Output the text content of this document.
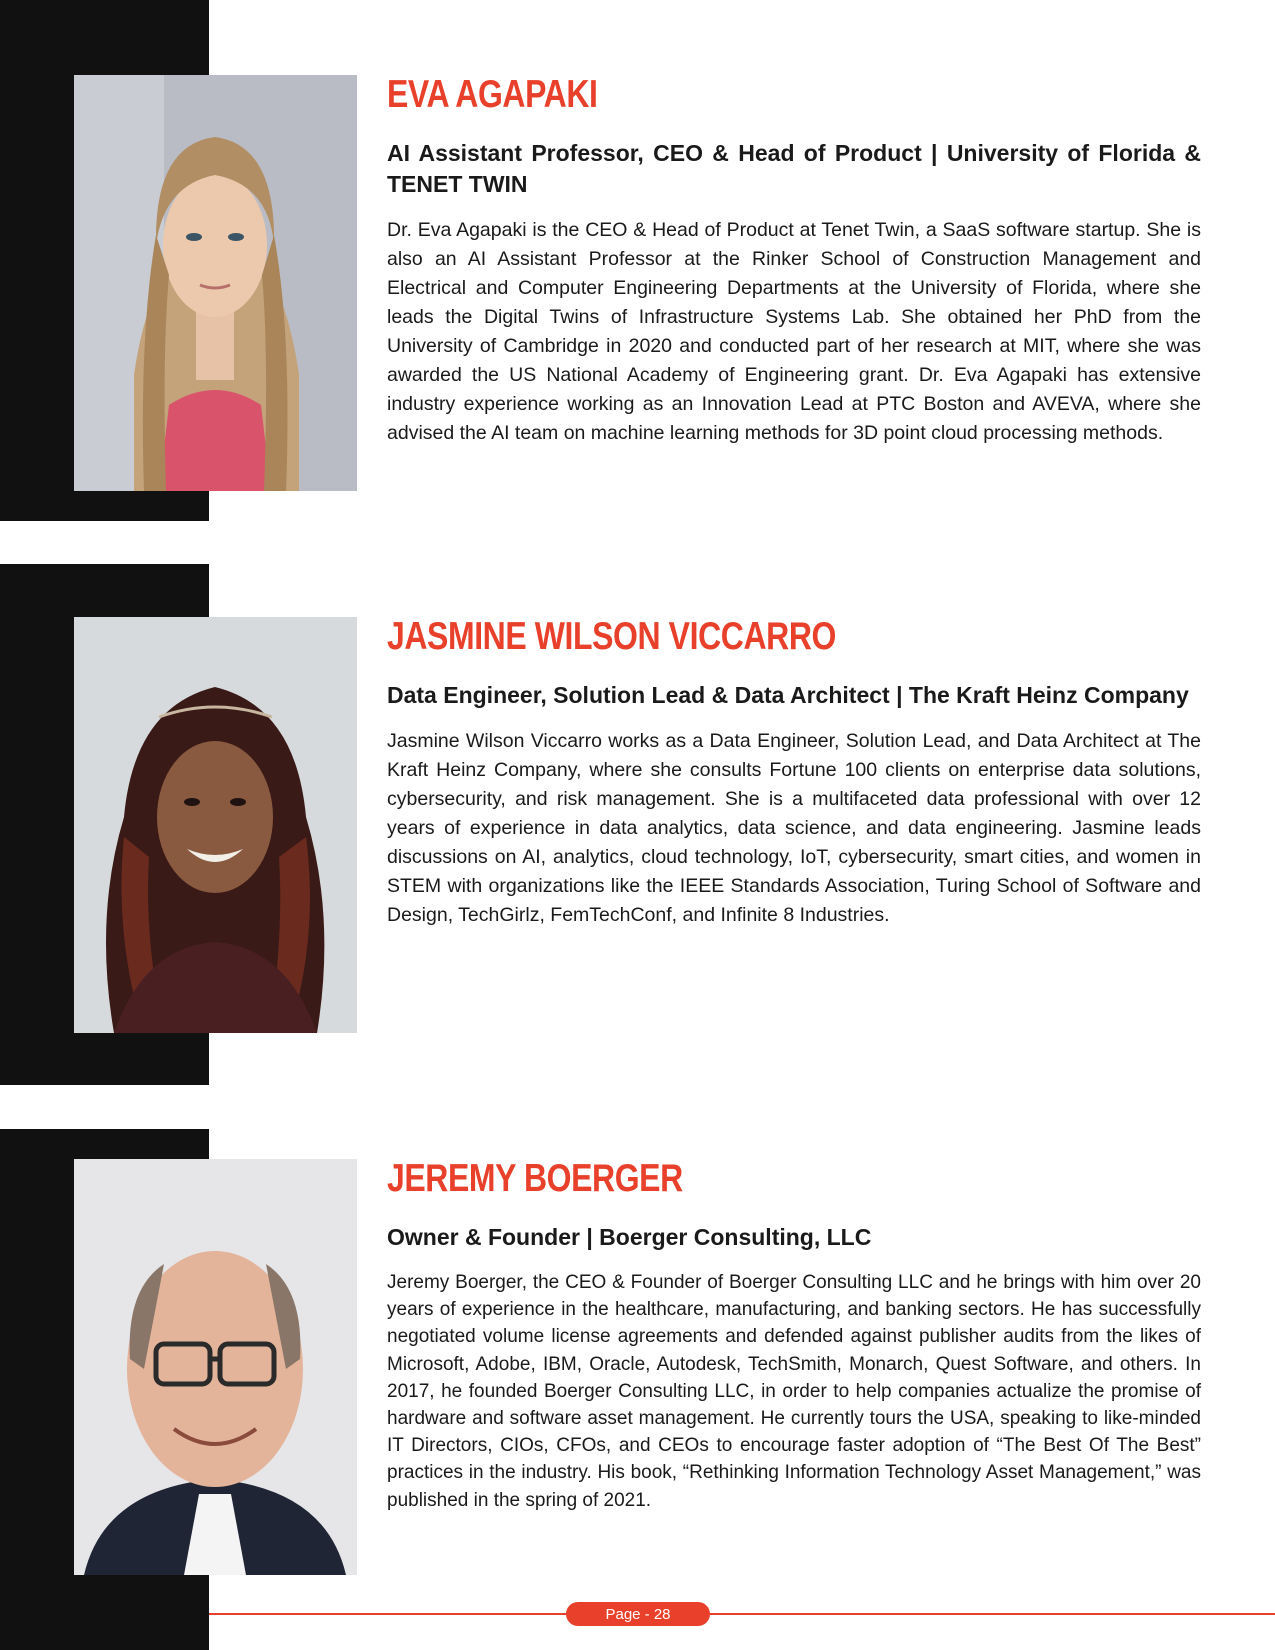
EVA AGAPAKI

AI Assistant Professor, CEO & Head of Product | University of Florida & TENET TWIN

Dr. Eva Agapaki is the CEO & Head of Product at Tenet Twin, a SaaS software startup. She is also an AI Assistant Professor at the Rinker School of Construction Management and Electrical and Computer Engineering Departments at the University of Florida, where she leads the Digital Twins of Infrastructure Systems Lab. She obtained her PhD from the University of Cambridge in 2020 and conducted part of her research at MIT, where she was awarded the US National Academy of Engineering grant. Dr. Eva Agapaki has extensive industry experience working as an Innovation Lead at PTC Boston and AVEVA, where she advised the AI team on machine learning methods for 3D point cloud processing methods.

JASMINE WILSON VICCARRO

Data Engineer, Solution Lead & Data Architect | The Kraft Heinz Company

Jasmine Wilson Viccarro works as a Data Engineer, Solution Lead, and Data Architect at The Kraft Heinz Company, where she consults Fortune 100 clients on enterprise data solutions, cybersecurity, and risk management. She is a multifaceted data professional with over 12 years of experience in data analytics, data science, and data engineering. Jasmine leads discussions on AI, analytics, cloud technology, IoT, cybersecurity, smart cities, and women in STEM with organizations like the IEEE Standards Association, Turing School of Software and Design, TechGirlz, FemTechConf, and Infinite 8 Industries.

JEREMY BOERGER

Owner & Founder | Boerger Consulting, LLC

Jeremy Boerger, the CEO & Founder of Boerger Consulting LLC and he brings with him over 20 years of experience in the healthcare, manufacturing, and banking sectors. He has successfully negotiated volume license agreements and defended against publisher audits from the likes of Microsoft, Adobe, IBM, Oracle, Autodesk, TechSmith, Monarch, Quest Software, and others. In 2017, he founded Boerger Consulting LLC, in order to help companies actualize the promise of hardware and software asset management. He currently tours the USA, speaking to like-minded IT Directors, CIOs, CFOs, and CEOs to encourage faster adoption of “The Best Of The Best” practices in the industry. His book, “Rethinking Information Technology Asset Management,” was published in the spring of 2021.

Page - 28
